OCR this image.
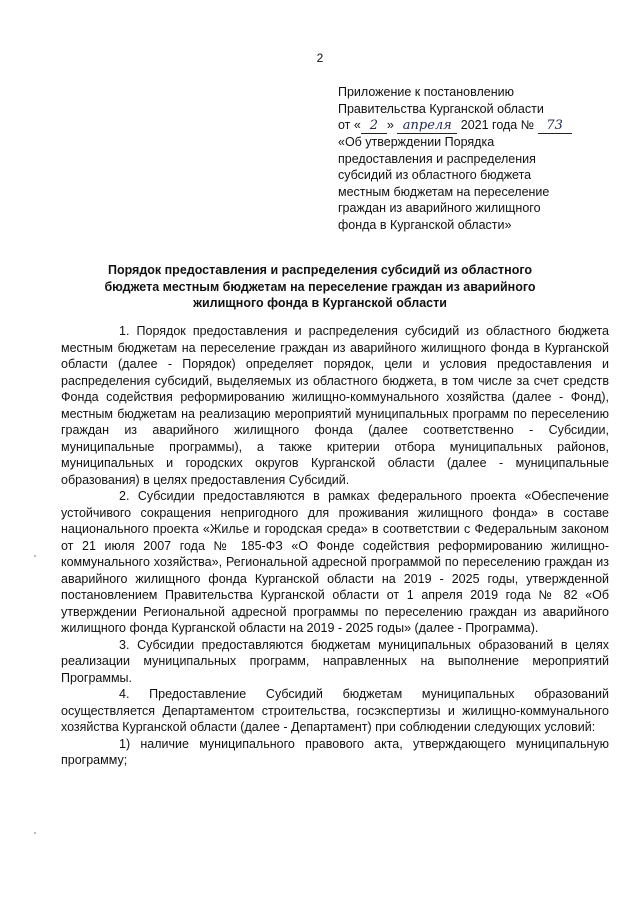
2
Приложение к постановлению
Правительства Курганской области
от « 2 » апреля 2021 года № 73
«Об утверждении Порядка
предоставления и распределения
субсидий из областного бюджета
местным бюджетам на переселение
граждан из аварийного жилищного
фонда в Курганской области»
Порядок предоставления и распределения субсидий из областного
бюджета местным бюджетам на переселение граждан из аварийного
жилищного фонда в Курганской области

1. Порядок предоставления и распределения субсидий из областного бюджета местным бюджетам на переселение граждан из аварийного жилищного фонда в Курганской области (далее - Порядок) определяет порядок, цели и условия предоставления и распределения субсидий, выделяемых из областного бюджета, в том числе за счет средств Фонда содействия реформированию жилищно-коммунального хозяйства (далее - Фонд), местным бюджетам на реализацию мероприятий муниципальных программ по переселению граждан из аварийного жилищного фонда (далее соответственно - Субсидии, муниципальные программы), а также критерии отбора муниципальных районов, муниципальных и городских округов Курганской области (далее - муниципальные образования) в целях предоставления Субсидий.

2. Субсидии предоставляются в рамках федерального проекта «Обеспечение устойчивого сокращения непригодного для проживания жилищного фонда» в составе национального проекта «Жилье и городская среда» в соответствии с Федеральным законом от 21 июля 2007 года № 185-ФЗ «О Фонде содействия реформированию жилищно-коммунального хозяйства», Региональной адресной программой по переселению граждан из аварийного жилищного фонда Курганской области на 2019 - 2025 годы, утвержденной постановлением Правительства Курганской области от 1 апреля 2019 года № 82 «Об утверждении Региональной адресной программы по переселению граждан из аварийного жилищного фонда Курганской области на 2019 - 2025 годы» (далее - Программа).

3. Субсидии предоставляются бюджетам муниципальных образований в целях реализации муниципальных программ, направленных на выполнение мероприятий Программы.

4. Предоставление Субсидий бюджетам муниципальных образований осуществляется Департаментом строительства, госэкспертизы и жилищно-коммунального хозяйства Курганской области (далее - Департамент) при соблюдении следующих условий:

1) наличие муниципального правового акта, утверждающего муниципальную программу;
